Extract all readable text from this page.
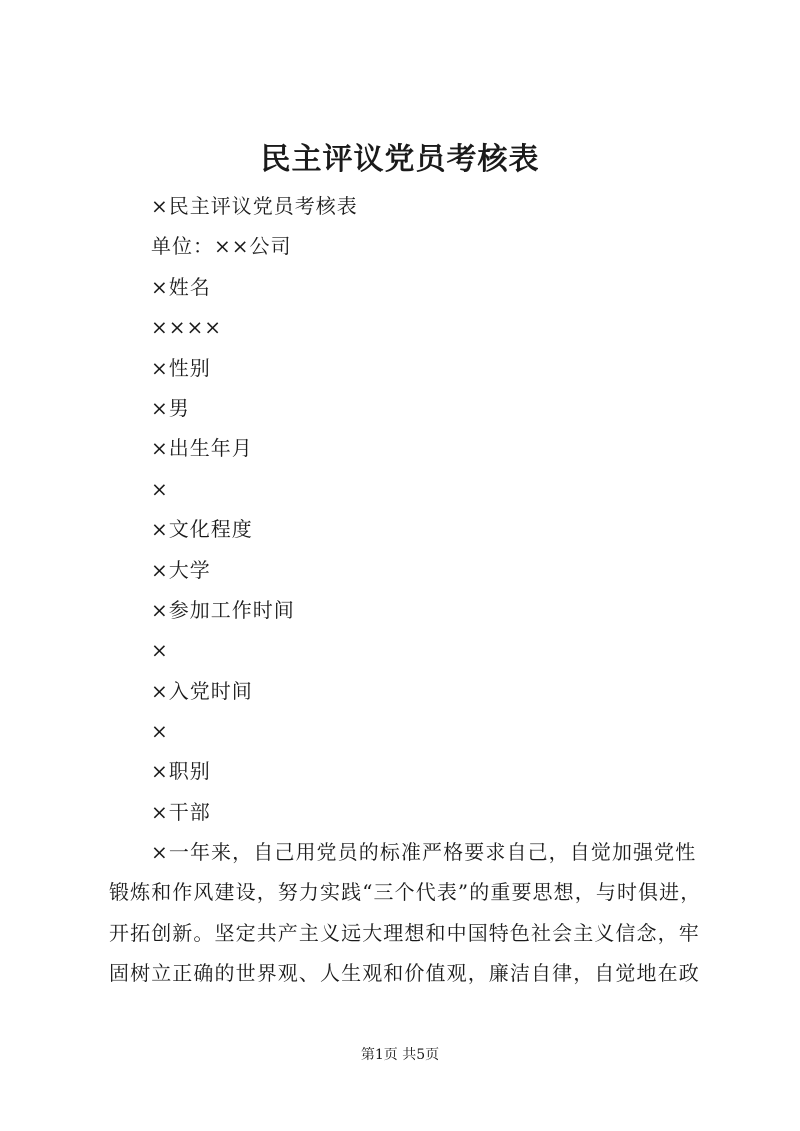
民主评议党员考核表
×民主评议党员考核表
单位：××公司
×姓名
××××
×性别
×男
×出生年月
×
×文化程度
×大学
×参加工作时间
×
×入党时间
×
×职别
×干部
×一年来，自己用党员的标准严格要求自己，自觉加强党性
锻炼和作风建设，努力实践“三个代表”的重要思想，与时俱进，
开拓创新。坚定共产主义远大理想和中国特色社会主义信念，牢
固树立正确的世界观、人生观和价值观，廉洁自律，自觉地在政
第1页 共5页
